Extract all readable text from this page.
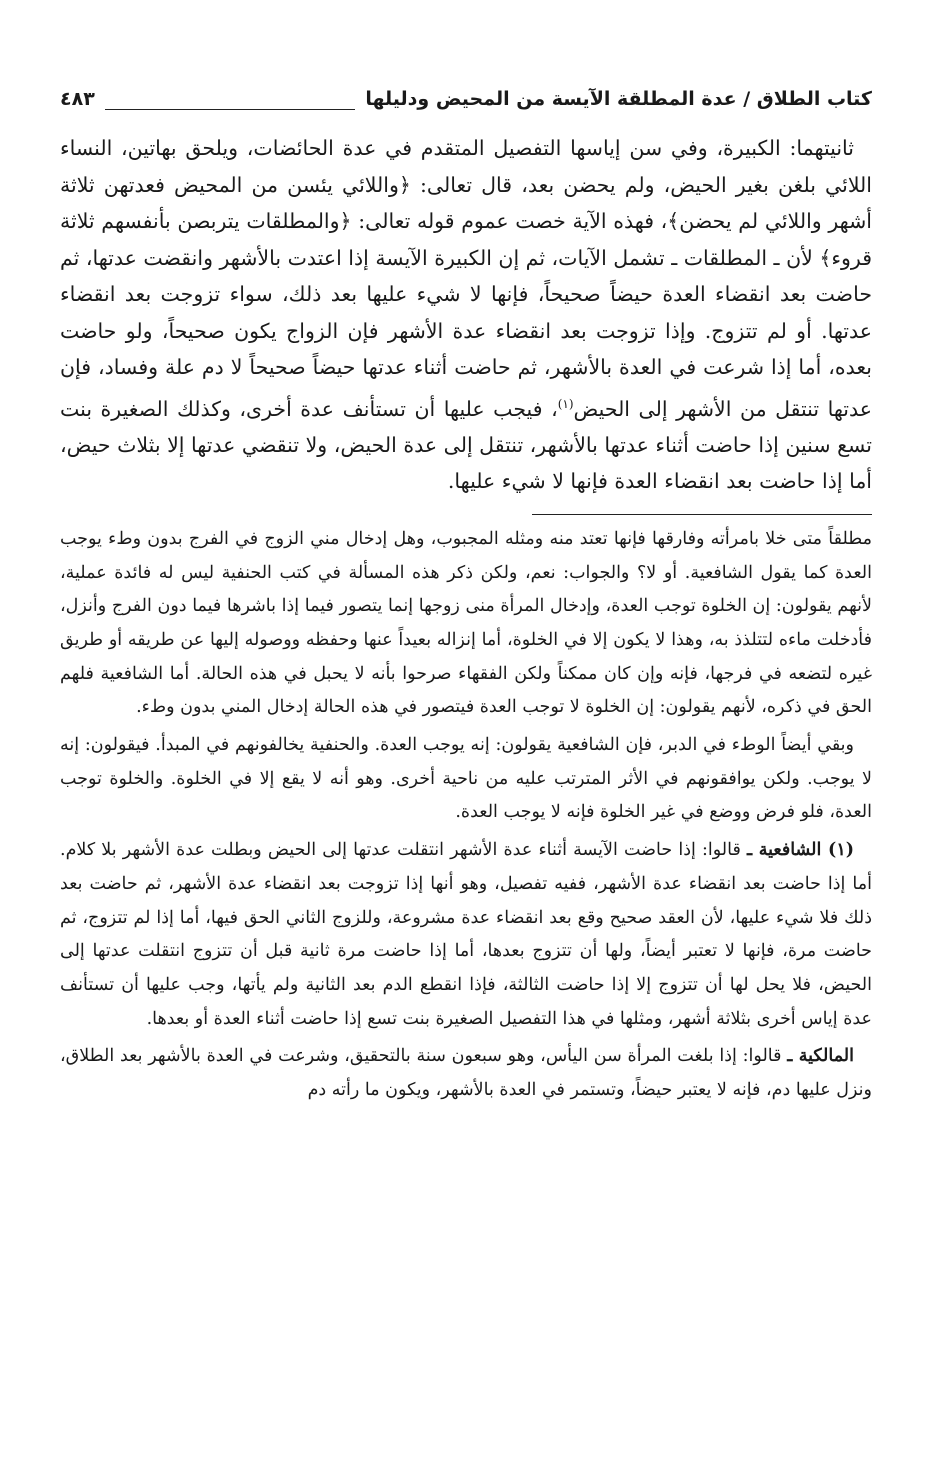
كتاب الطلاق / عدة المطلقة الآيسة من المحيض ودليلها
٤٨٣

ثانيتهما: الكبيرة، وفي سن إياسها التفصيل المتقدم في عدة الحائضات، ويلحق بهاتين، النساء اللائي بلغن بغير الحيض، ولم يحضن بعد، قال تعالى: ﴿واللائي يئسن من المحيض فعدتهن ثلاثة أشهر واللائي لم يحضن﴾، فهذه الآية خصت عموم قوله تعالى: ﴿والمطلقات يتربصن بأنفسهم ثلاثة قروء﴾ لأن ـ المطلقات ـ تشمل الآيات، ثم إن الكبيرة الآيسة إذا اعتدت بالأشهر وانقضت عدتها، ثم حاضت بعد انقضاء العدة حيضاً صحيحاً، فإنها لا شيء عليها بعد ذلك، سواء تزوجت بعد انقضاء عدتها. أو لم تتزوج. وإذا تزوجت بعد انقضاء عدة الأشهر فإن الزواج يكون صحيحاً، ولو حاضت بعده، أما إذا شرعت في العدة بالأشهر، ثم حاضت أثناء عدتها حيضاً صحيحاً لا دم علة وفساد، فإن عدتها تنتقل من الأشهر إلى الحيض$^{(١)}$، فيجب عليها أن تستأنف عدة أخرى، وكذلك الصغيرة بنت تسع سنين إذا حاضت أثناء عدتها بالأشهر، تنتقل إلى عدة الحيض، ولا تنقضي عدتها إلا بثلاث حيض، أما إذا حاضت بعد انقضاء العدة فإنها لا شيء عليها.

مطلقاً متى خلا بامرأته وفارقها فإنها تعتد منه ومثله المجبوب، وهل إدخال مني الزوج في الفرج بدون وطء يوجب العدة كما يقول الشافعية. أو لا؟ والجواب: نعم، ولكن ذكر هذه المسألة في كتب الحنفية ليس له فائدة عملية، لأنهم يقولون: إن الخلوة توجب العدة، وإدخال المرأة منى زوجها إنما يتصور فيما إذا باشرها فيما دون الفرج وأنزل، فأدخلت ماءه لتتلذذ به، وهذا لا يكون إلا في الخلوة، أما إنزاله بعيداً عنها وحفظه ووصوله إليها عن طريقه أو طريق غيره لتضعه في فرجها، فإنه وإن كان ممكناً ولكن الفقهاء صرحوا بأنه لا يحبل في هذه الحالة. أما الشافعية فلهم الحق في ذكره، لأنهم يقولون: إن الخلوة لا توجب العدة فيتصور في هذه الحالة إدخال المني بدون وطء.

وبقي أيضاً الوطء في الدبر، فإن الشافعية يقولون: إنه يوجب العدة. والحنفية يخالفونهم في المبدأ. فيقولون: إنه لا يوجب. ولكن يوافقونهم في الأثر المترتب عليه من ناحية أخرى. وهو أنه لا يقع إلا في الخلوة. والخلوة توجب العدة، فلو فرض ووضع في غير الخلوة فإنه لا يوجب العدة.

(١) الشافعية ـ قالوا: إذا حاضت الآيسة أثناء عدة الأشهر انتقلت عدتها إلى الحيض وبطلت عدة الأشهر بلا كلام. أما إذا حاضت بعد انقضاء عدة الأشهر، ففيه تفصيل، وهو أنها إذا تزوجت بعد انقضاء عدة الأشهر، ثم حاضت بعد ذلك فلا شيء عليها، لأن العقد صحيح وقع بعد انقضاء عدة مشروعة، وللزوج الثاني الحق فيها، أما إذا لم تتزوج، ثم حاضت مرة، فإنها لا تعتبر أيضاً، ولها أن تتزوج بعدها، أما إذا حاضت مرة ثانية قبل أن تتزوج انتقلت عدتها إلى الحيض، فلا يحل لها أن تتزوج إلا إذا حاضت الثالثة، فإذا انقطع الدم بعد الثانية ولم يأتها، وجب عليها أن تستأنف عدة إياس أخرى بثلاثة أشهر، ومثلها في هذا التفصيل الصغيرة بنت تسع إذا حاضت أثناء العدة أو بعدها.

المالكية ـ قالوا: إذا بلغت المرأة سن اليأس، وهو سبعون سنة بالتحقيق، وشرعت في العدة بالأشهر بعد الطلاق، ونزل عليها دم، فإنه لا يعتبر حيضاً، وتستمر في العدة بالأشهر، ويكون ما رأته دم
